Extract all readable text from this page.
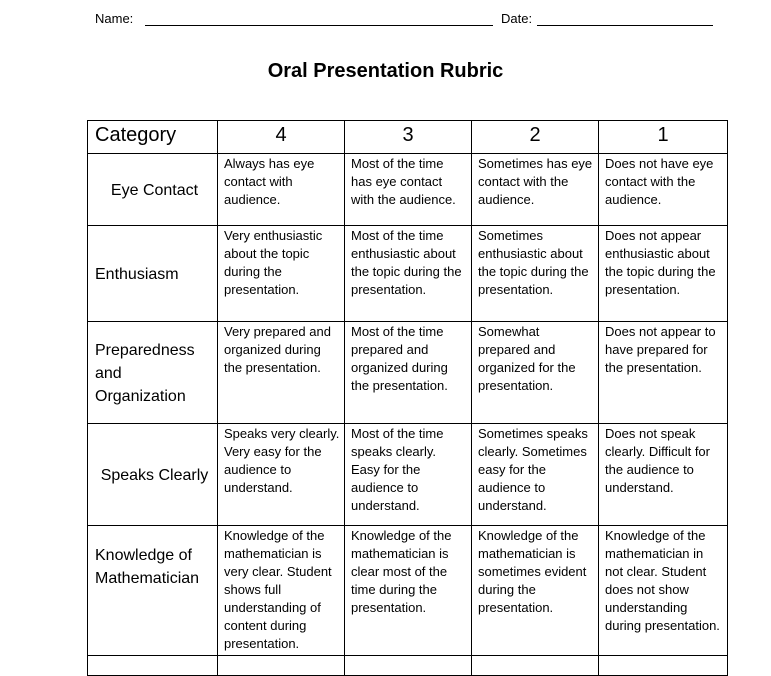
Name:	Date:
Oral Presentation Rubric
Category	4	3	2	1
Eye Contact	Always has eye contact with audience.	Most of the time has eye contact with the audience.	Sometimes has eye contact with the audience.	Does not have eye contact with the audience.
Enthusiasm	Very enthusiastic about the topic during the presentation.	Most of the time enthusiastic about the topic during the presentation.	Sometimes enthusiastic about the topic during the presentation.	Does not appear enthusiastic about the topic during the presentation.
Preparedness and Organization	Very prepared and organized during the presentation.	Most of the time prepared and organized during the presentation.	Somewhat prepared and organized for the presentation.	Does not appear to have prepared for the presentation.
Speaks Clearly	Speaks very clearly. Very easy for the audience to understand.	Most of the time speaks clearly. Easy for the audience to understand.	Sometimes speaks clearly. Sometimes easy for the audience to understand.	Does not speak clearly. Difficult for the audience to understand.
Knowledge of Mathematician	Knowledge of the mathematician is very clear. Student shows full understanding of content during presentation.	Knowledge of the mathematician is clear most of the time during the presentation.	Knowledge of the mathematician is sometimes evident during the presentation.	Knowledge of the mathematician in not clear. Student does not show understanding during presentation.
